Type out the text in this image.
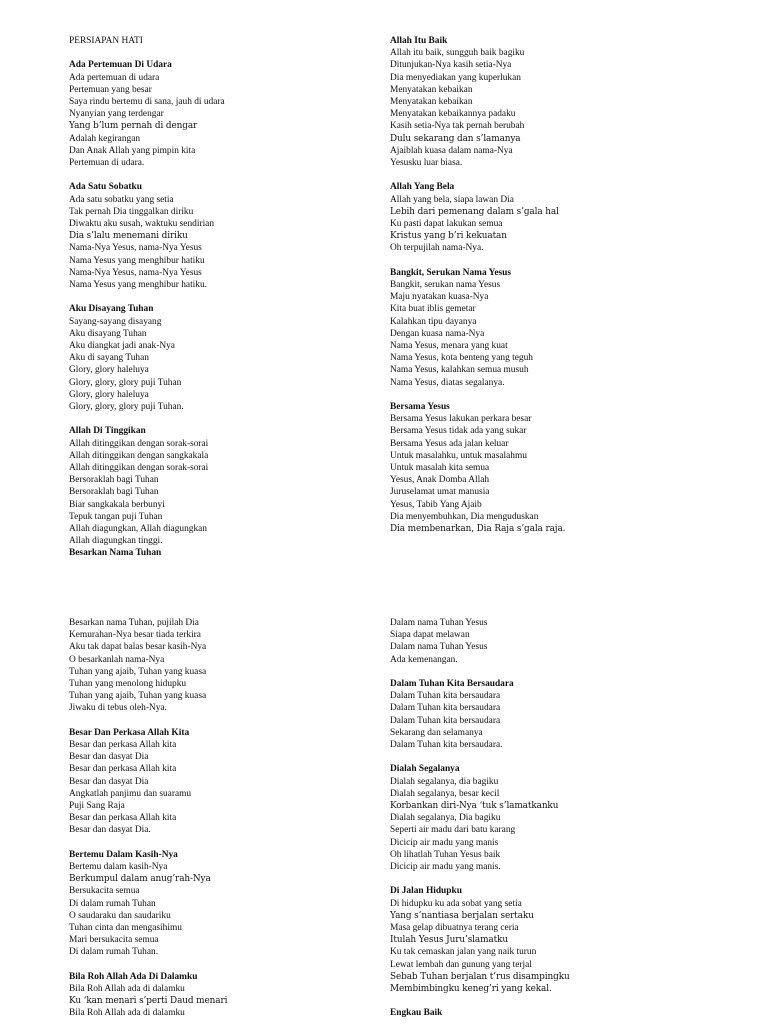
PERSIAPAN HATI
Ada Pertemuan Di Udara
Ada pertemuan di udara
Pertemuan yang besar
Saya rindu bertemu di sana, jauh di udara
Nyanyian yang terdengar
Yang b’lum pernah di dengar
Adalah kegirangan
Dan Anak Allah yang pimpin kita
Pertemuan di udara.
Ada Satu Sobatku
Ada satu sobatku yang setia
Tak pernah Dia tinggalkan diriku
Diwaktu aku susah, waktuku sendirian
Dia s’lalu menemani diriku
Nama-Nya Yesus, nama-Nya Yesus
Nama Yesus yang menghibur hatiku
Nama-Nya Yesus, nama-Nya Yesus
Nama Yesus yang menghibur hatiku.
Aku Disayang Tuhan
Sayang-sayang disayang
Aku disayang Tuhan
Aku diangkat jadi anak-Nya
Aku di sayang Tuhan
Glory, glory haleluya
Glory, glory, glory puji Tuhan
Glory, glory haleluya
Glory, glory, glory puji Tuhan.
Allah Di Tinggikan
Allah ditinggikan dengan sorak-sorai
Allah ditinggikan dengan sangkakala
Allah ditinggikan dengan sorak-sorai
Bersoraklah bagi Tuhan
Bersoraklah bagi Tuhan
Biar sangkakala berbunyi
Tepuk tangan puji Tuhan
Allah diagungkan, Allah diagungkan
Allah diagungkan tinggi.
Besarkan Nama Tuhan
Allah Itu Baik
Allah itu baik, sungguh baik bagiku
Ditunjukan-Nya kasih setia-Nya
Dia menyediakan yang kuperlukan
Menyatakan kebaikan
Menyatakan kebaikan
Menyatakan kebaikannya padaku
Kasih setia-Nya tak pernah berubah
Dulu sekarang dan s’lamanya
Ajaiblah kuasa dalam nama-Nya
Yesusku luar biasa.
Allah Yang Bela
Allah yang bela, siapa lawan Dia
Lebih dari pemenang dalam s’gala hal
Ku pasti dapat lakukan semua
Kristus yang b’ri kekuatan
Oh terpujilah nama-Nya.
Bangkit, Serukan Nama Yesus
Bangkit, serukan nama Yesus
Maju nyatakan kuasa-Nya
Kita buat iblis gemetar
Kalahkan tipu dayanya
Dengan kuasa nama-Nya
Nama Yesus, menara yang kuat
Nama Yesus, kota benteng yang teguh
Nama Yesus, kalahkan semua musuh
Nama Yesus, diatas segalanya.
Bersama Yesus
Bersama Yesus lakukan perkara besar
Bersama Yesus tidak ada yang sukar
Bersama Yesus ada jalan keluar
Untuk masalahku, untuk masalahmu
Untuk masalah kita semua
Yesus, Anak Domba Allah
Juruselamat umat manusia
Yesus, Tabib Yang Ajaib
Dia menyembuhkan, Dia menguduskan
Dia membenarkan, Dia Raja s’gala raja.
Besarkan nama Tuhan, pujilah Dia
Kemurahan-Nya besar tiada terkira
Aku tak dapat balas besar kasih-Nya
O besarkanlah nama-Nya
Tuhan yang ajaib, Tuhan yang kuasa
Tuhan yang menolong hidupku
Tuhan yang ajaib, Tuhan yang kuasa
Jiwaku di tebus oleh-Nya.
Besar Dan Perkasa Allah Kita
Besar dan perkasa Allah kita
Besar dan dasyat Dia
Besar dan perkasa Allah kita
Besar dan dasyat Dia
Angkatlah panjimu dan suaramu
Puji Sang Raja
Besar dan perkasa Allah kita
Besar dan dasyat Dia.
Bertemu Dalam Kasih-Nya
Bertemu dalam kasih-Nya
Berkumpul dalam anug’rah-Nya
Bersukacita semua
Di dalam rumah Tuhan
O saudaraku dan saudariku
Tuhan cinta dan mengasihimu
Mari bersukacita semua
Di dalam rumah Tuhan.
Bila Roh Allah Ada Di Dalamku
Bila Roh Allah ada di dalamku
Ku ‘kan menari s’perti Daud menari
Bila Roh Allah ada di dalamku
Dalam nama Tuhan Yesus
Siapa dapat melawan
Dalam nama Tuhan Yesus
Ada kemenangan.
Dalam Tuhan Kita Bersaudara
Dalam Tuhan kita bersaudara
Dalam Tuhan kita bersaudara
Dalam Tuhan kita bersaudara
Sekarang dan selamanya
Dalam Tuhan kita bersaudara.
Dialah Segalanya
Dialah segalanya, dia bagiku
Dialah segalanya, besar kecil
Korbankan diri-Nya ‘tuk s’lamatkanku
Dialah segalanya, Dia bagiku
Seperti air madu dari batu karang
Dicicip air madu yang manis
Oh lihatlah Tuhan Yesus baik
Dicicip air madu yang manis.
Di Jalan Hidupku
Di hidupku ku ada sobat yang setia
Yang s’nantiasa berjalan sertaku
Masa gelap dibuatnya terang ceria
Itulah Yesus Juru’slamatku
Ku tak cemaskan jalan yang naik turun
Lewat lembah dan gunung yang terjal
Sebab Tuhan berjalan t’rus disampingku
Membimbingku keneg’ri yang kekal.
Engkau Baik
